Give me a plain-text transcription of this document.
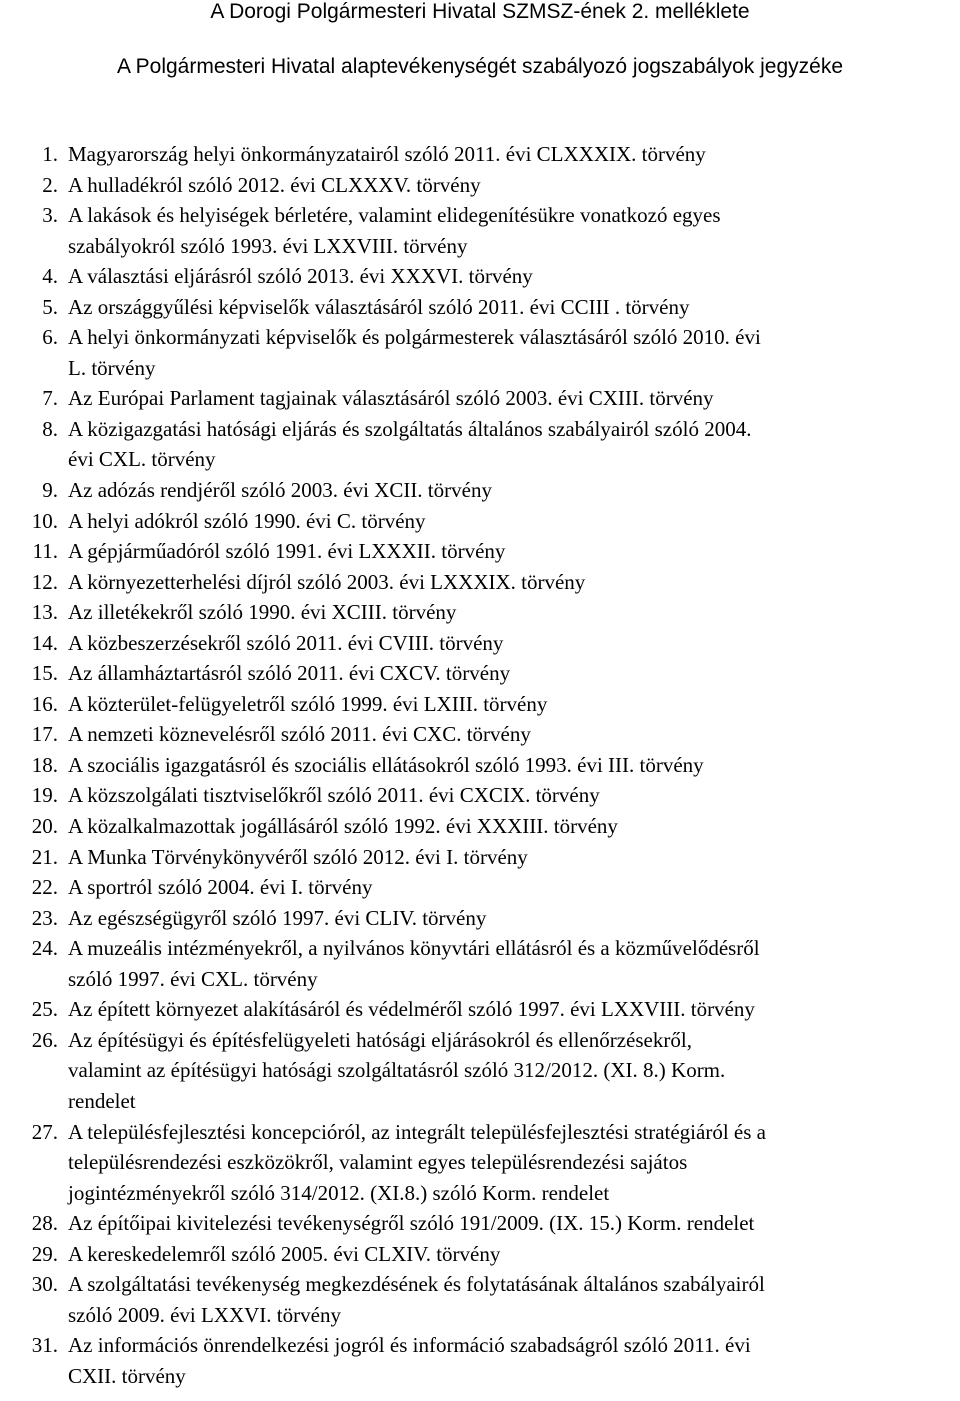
A Dorogi Polgármesteri Hivatal SZMSZ-ének 2. melléklete
A Polgármesteri Hivatal alaptevékenységét szabályozó jogszabályok jegyzéke
1. Magyarország helyi önkormányzatairól szóló 2011. évi CLXXXIX. törvény
2. A hulladékról szóló 2012. évi CLXXXV. törvény
3. A lakások és helyiségek bérletére, valamint elidegenítésükre vonatkozó egyes
szabályokról szóló 1993. évi LXXVIII. törvény
4. A választási eljárásról szóló 2013. évi XXXVI. törvény
5. Az országgyűlési képviselők választásáról szóló 2011. évi CCIII . törvény
6. A helyi önkormányzati képviselők és polgármesterek választásáról szóló 2010. évi
L. törvény
7. Az Európai Parlament tagjainak választásáról szóló 2003. évi CXIII. törvény
8. A közigazgatási hatósági eljárás és szolgáltatás általános szabályairól szóló 2004.
évi CXL. törvény
9. Az adózás rendjéről szóló 2003. évi XCII. törvény
10. A helyi adókról szóló 1990. évi C. törvény
11. A gépjárműadóról szóló 1991. évi LXXXII. törvény
12. A környezetterhelési díjról szóló 2003. évi LXXXIX. törvény
13. Az illetékekről szóló 1990. évi XCIII. törvény
14. A közbeszerzésekről szóló 2011. évi CVIII. törvény
15. Az államháztartásról szóló 2011. évi CXCV. törvény
16. A közterület-felügyeletről szóló 1999. évi LXIII. törvény
17. A nemzeti köznevelésről szóló 2011. évi CXC. törvény
18. A szociális igazgatásról és szociális ellátásokról szóló 1993. évi III. törvény
19. A közszolgálati tisztviselőkről szóló 2011. évi CXCIX. törvény
20. A közalkalmazottak jogállásáról szóló 1992. évi XXXIII. törvény
21. A Munka Törvénykönyvéről szóló 2012. évi I. törvény
22. A sportról szóló 2004. évi I. törvény
23. Az egészségügyről szóló 1997. évi CLIV. törvény
24. A muzeális intézményekről, a nyilvános könyvtári ellátásról és a közművelődésről
szóló 1997. évi CXL. törvény
25. Az épített környezet alakításáról és védelméről szóló 1997. évi LXXVIII. törvény
26. Az építésügyi és építésfelügyeleti hatósági eljárásokról és ellenőrzésekről,
valamint az építésügyi hatósági szolgáltatásról szóló 312/2012. (XI. 8.) Korm.
rendelet
27. A településfejlesztési koncepcióról, az integrált településfejlesztési stratégiáról és a
településrendezési eszközökről, valamint egyes településrendezési sajátos
jogintézményekről szóló 314/2012. (XI.8.) szóló Korm. rendelet
28. Az építőipai kivitelezési tevékenységről szóló 191/2009. (IX. 15.) Korm. rendelet
29. A kereskedelemről szóló 2005. évi CLXIV. törvény
30. A szolgáltatási tevékenység megkezdésének és folytatásának általános szabályairól
szóló 2009. évi LXXVI. törvény
31. Az információs önrendelkezési jogról és információ szabadságról szóló 2011. évi
CXII. törvény
